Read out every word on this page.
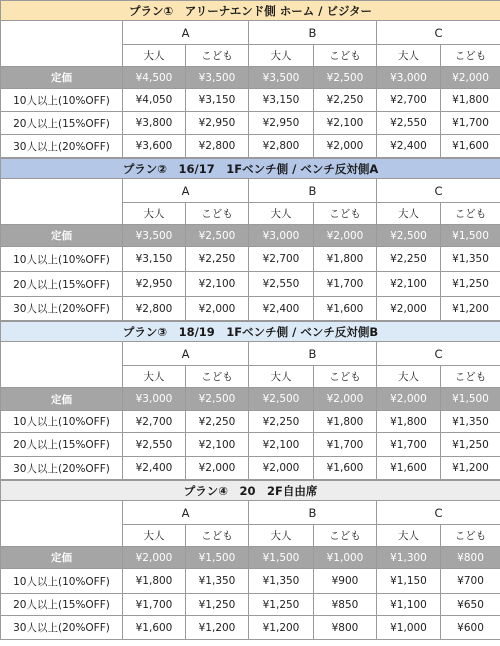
プラン①　アリーナエンド側 ホーム / ビジター						
	A		B		C	
	大人	こども	大人	こども	大人	こども
定価	¥4,500	¥3,500	¥3,500	¥2,500	¥3,000	¥2,000
10人以上(10%OFF)	¥4,050	¥3,150	¥3,150	¥2,250	¥2,700	¥1,800
20人以上(15%OFF)	¥3,800	¥2,950	¥2,950	¥2,100	¥2,550	¥1,700
30人以上(20%OFF)	¥3,600	¥2,800	¥2,800	¥2,000	¥2,400	¥1,600
プラン②　16/17　1Fベンチ側 / ベンチ反対側A						
	A		B		C	
	大人	こども	大人	こども	大人	こども
定価	¥3,500	¥2,500	¥3,000	¥2,000	¥2,500	¥1,500
10人以上(10%OFF)	¥3,150	¥2,250	¥2,700	¥1,800	¥2,250	¥1,350
20人以上(15%OFF)	¥2,950	¥2,100	¥2,550	¥1,700	¥2,100	¥1,250
30人以上(20%OFF)	¥2,800	¥2,000	¥2,400	¥1,600	¥2,000	¥1,200
プラン③　18/19　1Fベンチ側 / ベンチ反対側B						
	A		B		C	
	大人	こども	大人	こども	大人	こども
定価	¥3,000	¥2,500	¥2,500	¥2,000	¥2,000	¥1,500
10人以上(10%OFF)	¥2,700	¥2,250	¥2,250	¥1,800	¥1,800	¥1,350
20人以上(15%OFF)	¥2,550	¥2,100	¥2,100	¥1,700	¥1,700	¥1,250
30人以上(20%OFF)	¥2,400	¥2,000	¥2,000	¥1,600	¥1,600	¥1,200
プラン④　20　2F自由席						
	A		B		C	
	大人	こども	大人	こども	大人	こども
定価	¥2,000	¥1,500	¥1,500	¥1,000	¥1,300	¥800
10人以上(10%OFF)	¥1,800	¥1,350	¥1,350	¥900	¥1,150	¥700
20人以上(15%OFF)	¥1,700	¥1,250	¥1,250	¥850	¥1,100	¥650
30人以上(20%OFF)	¥1,600	¥1,200	¥1,200	¥800	¥1,000	¥600
